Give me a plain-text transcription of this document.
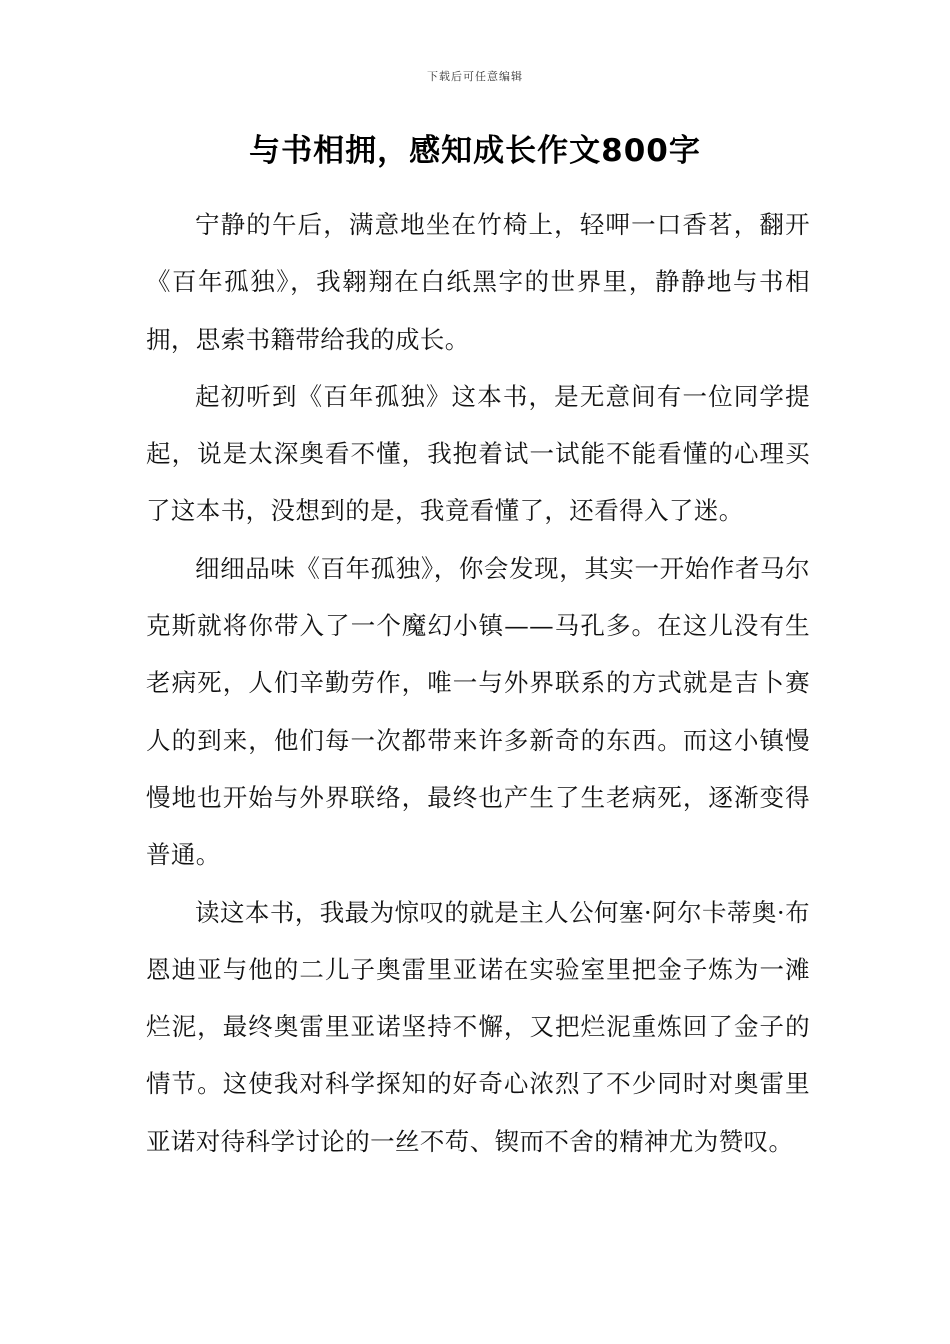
下载后可任意编辑
与书相拥，感知成长作文800字

宁静的午后，满意地坐在竹椅上，轻呷一口香茗，翻开《百年孤独》，我翱翔在白纸黑字的世界里，静静地与书相拥，思索书籍带给我的成长。

起初听到《百年孤独》这本书，是无意间有一位同学提起，说是太深奥看不懂，我抱着试一试能不能看懂的心理买了这本书，没想到的是，我竟看懂了，还看得入了迷。

细细品味《百年孤独》，你会发现，其实一开始作者马尔克斯就将你带入了一个魔幻小镇——马孔多。在这儿没有生老病死，人们辛勤劳作，唯一与外界联系的方式就是吉卜赛人的到来，他们每一次都带来许多新奇的东西。而这小镇慢慢地也开始与外界联络，最终也产生了生老病死，逐渐变得普通。

读这本书，我最为惊叹的就是主人公何塞·阿尔卡蒂奥·布恩迪亚与他的二儿子奥雷里亚诺在实验室里把金子炼为一滩烂泥，最终奥雷里亚诺坚持不懈，又把烂泥重炼回了金子的情节。这使我对科学探知的好奇心浓烈了不少同时对奥雷里亚诺对待科学讨论的一丝不苟、锲而不舍的精神尤为赞叹。
